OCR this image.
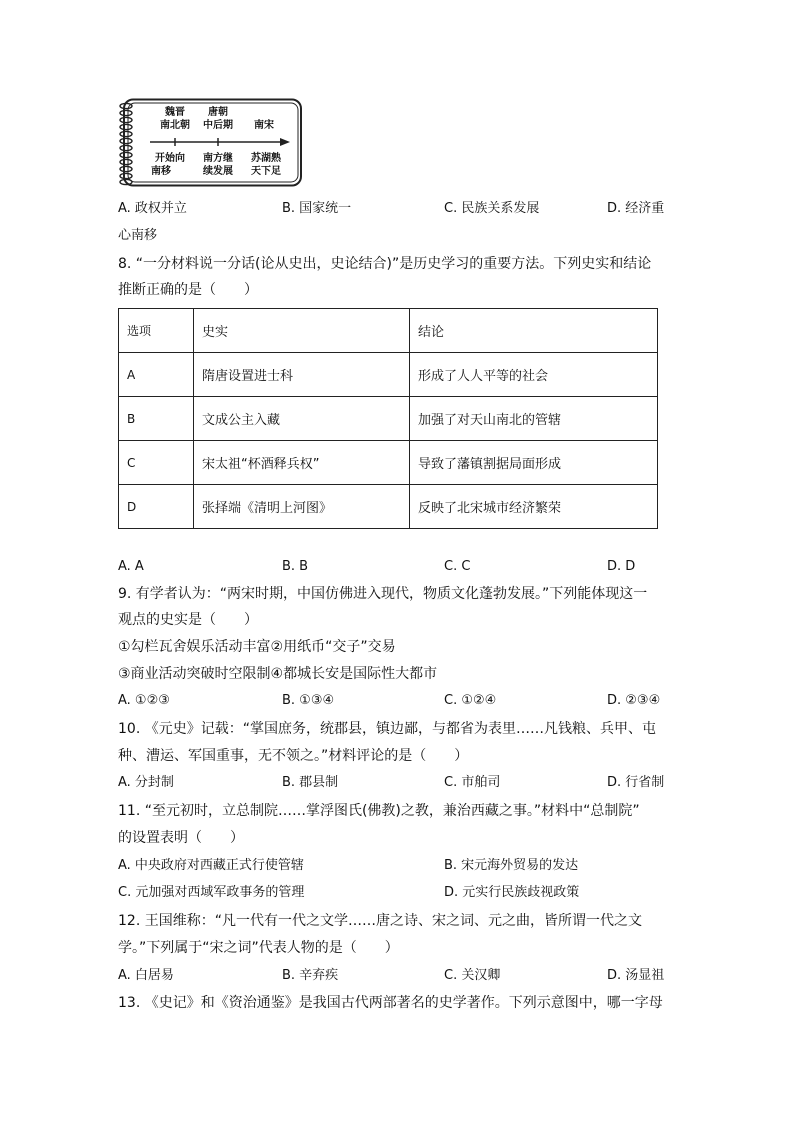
魏晋
南北朝
唐朝
中后期	南宋
开始向
南移
南方继
续发展
苏湖熟
天下足
A. 政权并立	B. 国家统一	C. 民族关系发展	D. 经济重
心南移
8. “一分材料说一分话(论从史出，史论结合)”是历史学习的重要方法。下列史实和结论
推断正确的是（　　）
选项	史实	结论
A	隋唐设置进士科	形成了人人平等的社会
B	文成公主入藏	加强了对天山南北的管辖
C	宋太祖“杯酒释兵权”	导致了藩镇割据局面形成
D	张择端《清明上河图》	反映了北宋城市经济繁荣
A. A	B. B	C. C	D. D
9. 有学者认为：“两宋时期，中国仿佛进入现代，物质文化蓬勃发展。”下列能体现这一
观点的史实是（　　）
①勾栏瓦舍娱乐活动丰富②用纸币“交子”交易
③商业活动突破时空限制④都城长安是国际性大都市
A. ①②③	B. ①③④	C. ①②④	D. ②③④
10. 《元史》记载：“掌国庶务，统郡县，镇边鄙，与都省为表里……凡钱粮、兵甲、屯
种、漕运、军国重事，无不领之。”材料评论的是（　　）
A. 分封制	B. 郡县制	C. 市舶司	D. 行省制
11. “至元初时，立总制院……掌浮图氏(佛教)之教，兼治西藏之事。”材料中“总制院”
的设置表明（　　）
A. 中央政府对西藏正式行使管辖	B. 宋元海外贸易的发达
C. 元加强对西域军政事务的管理	D. 元实行民族歧视政策
12. 王国维称：“凡一代有一代之文学……唐之诗、宋之词、元之曲，皆所谓一代之文
学。”下列属于“宋之词”代表人物的是（　　）
A. 白居易	B. 辛弃疾	C. 关汉卿	D. 汤显祖
13. 《史记》和《资治通鉴》是我国古代两部著名的史学著作。下列示意图中，哪一字母
